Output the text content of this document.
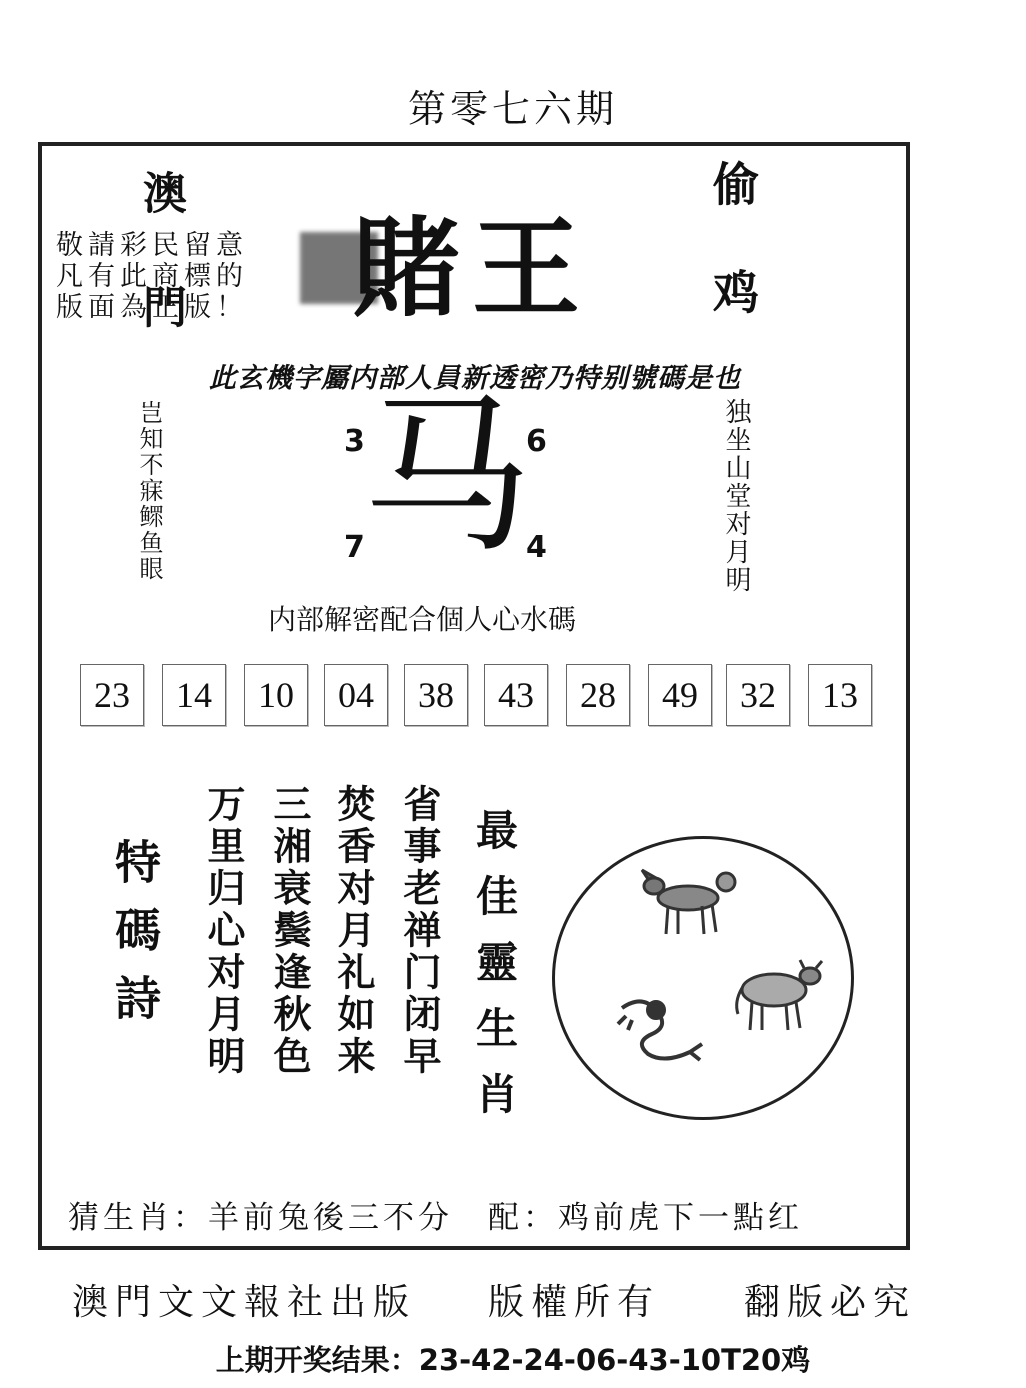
第零七六期
澳門	偷鸡
敬請彩民留意
凡有此商標的
版面為正版！ 賭王
此玄機字屬内部人員新透密乃特别號碼是也
岂知不寐鳏鱼眼	独坐山堂对月明
3	6
7	4
马
内部解密配合個人心水碼
23	14	10	04	38	43	28	49	32	13
特碼詩 万里归心对月明 三湘衰鬓逢秋色 焚香对月礼如来 省事老禅门闭早 最佳靈生肖
猜生肖：羊前兔後三不分　配：鸡前虎下一點红
澳門文文報社出版 版權所有 翻版必究
上期开奖结果：23-42-24-06-43-10T20鸡
